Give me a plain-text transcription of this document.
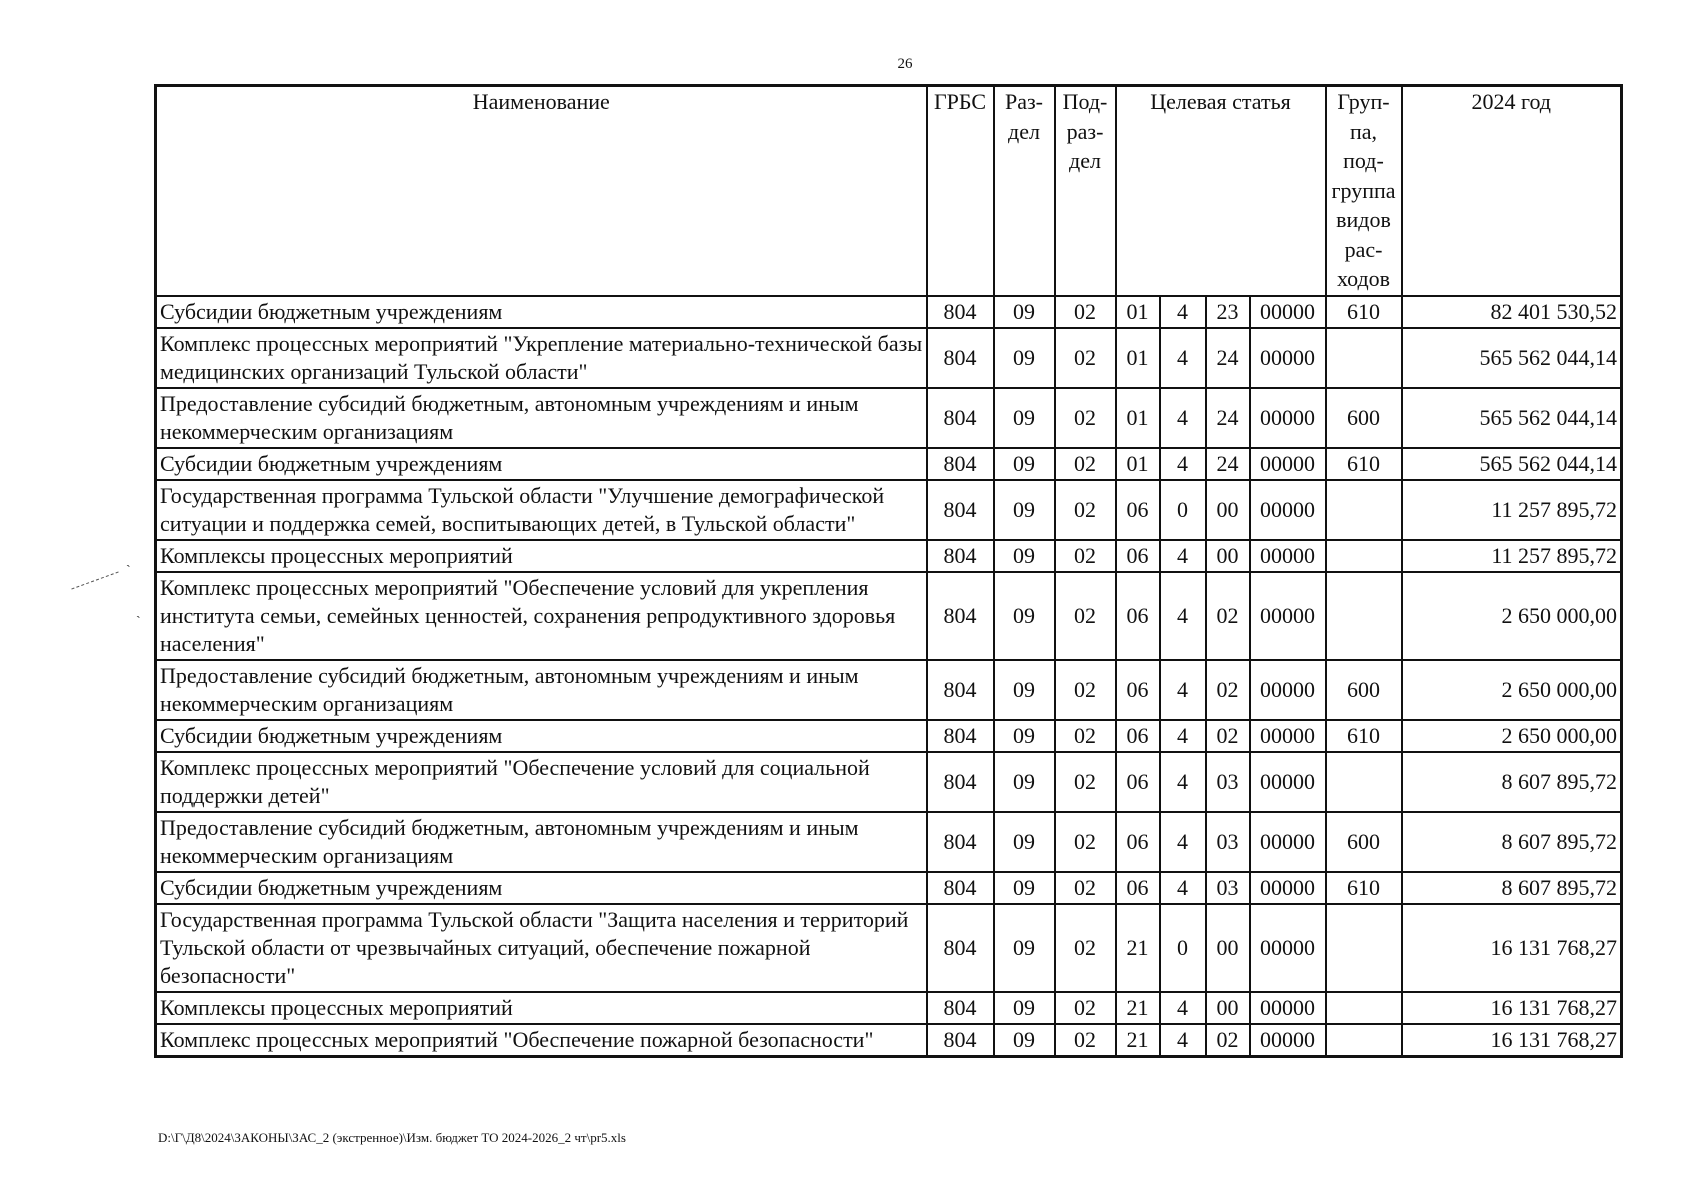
26
ˏ
ˏ
Наименование	ГРБС	Раз- дел	Под- раз- дел	Целевая статья				Груп- па, под- группа видов рас- ходов	2024 год
Субсидии бюджетным учреждениям	804	09	02	01	4	23	00000	610	82 401 530,52
Комплекс процессных мероприятий "Укрепление материально-технической базы медицинских организаций Тульской области"	804	09	02	01	4	24	00000		565 562 044,14
Предоставление субсидий бюджетным, автономным учреждениям и иным некоммерческим организациям	804	09	02	01	4	24	00000	600	565 562 044,14
Субсидии бюджетным учреждениям	804	09	02	01	4	24	00000	610	565 562 044,14
Государственная программа Тульской области "Улучшение демографической ситуации и поддержка семей, воспитывающих детей, в Тульской области"	804	09	02	06	0	00	00000		11 257 895,72
Комплексы процессных мероприятий	804	09	02	06	4	00	00000		11 257 895,72
Комплекс процессных мероприятий "Обеспечение условий для укрепления института семьи, семейных ценностей, сохранения репродуктивного здоровья населения"	804	09	02	06	4	02	00000		2 650 000,00
Предоставление субсидий бюджетным, автономным учреждениям и иным некоммерческим организациям	804	09	02	06	4	02	00000	600	2 650 000,00
Субсидии бюджетным учреждениям	804	09	02	06	4	02	00000	610	2 650 000,00
Комплекс процессных мероприятий "Обеспечение условий для социальной поддержки детей"	804	09	02	06	4	03	00000		8 607 895,72
Предоставление субсидий бюджетным, автономным учреждениям и иным некоммерческим организациям	804	09	02	06	4	03	00000	600	8 607 895,72
Субсидии бюджетным учреждениям	804	09	02	06	4	03	00000	610	8 607 895,72
Государственная программа Тульской области "Защита населения и территорий Тульской области от чрезвычайных ситуаций, обеспечение пожарной безопасности"	804	09	02	21	0	00	00000		16 131 768,27
Комплексы процессных мероприятий	804	09	02	21	4	00	00000		16 131 768,27
Комплекс процессных мероприятий "Обеспечение пожарной безопасности"	804	09	02	21	4	02	00000		16 131 768,27
D:\Г\Д8\2024\ЗАКОНЫ\ЗАС_2 (экстренное)\Изм. бюджет ТО 2024-2026_2 чт\pr5.xls
